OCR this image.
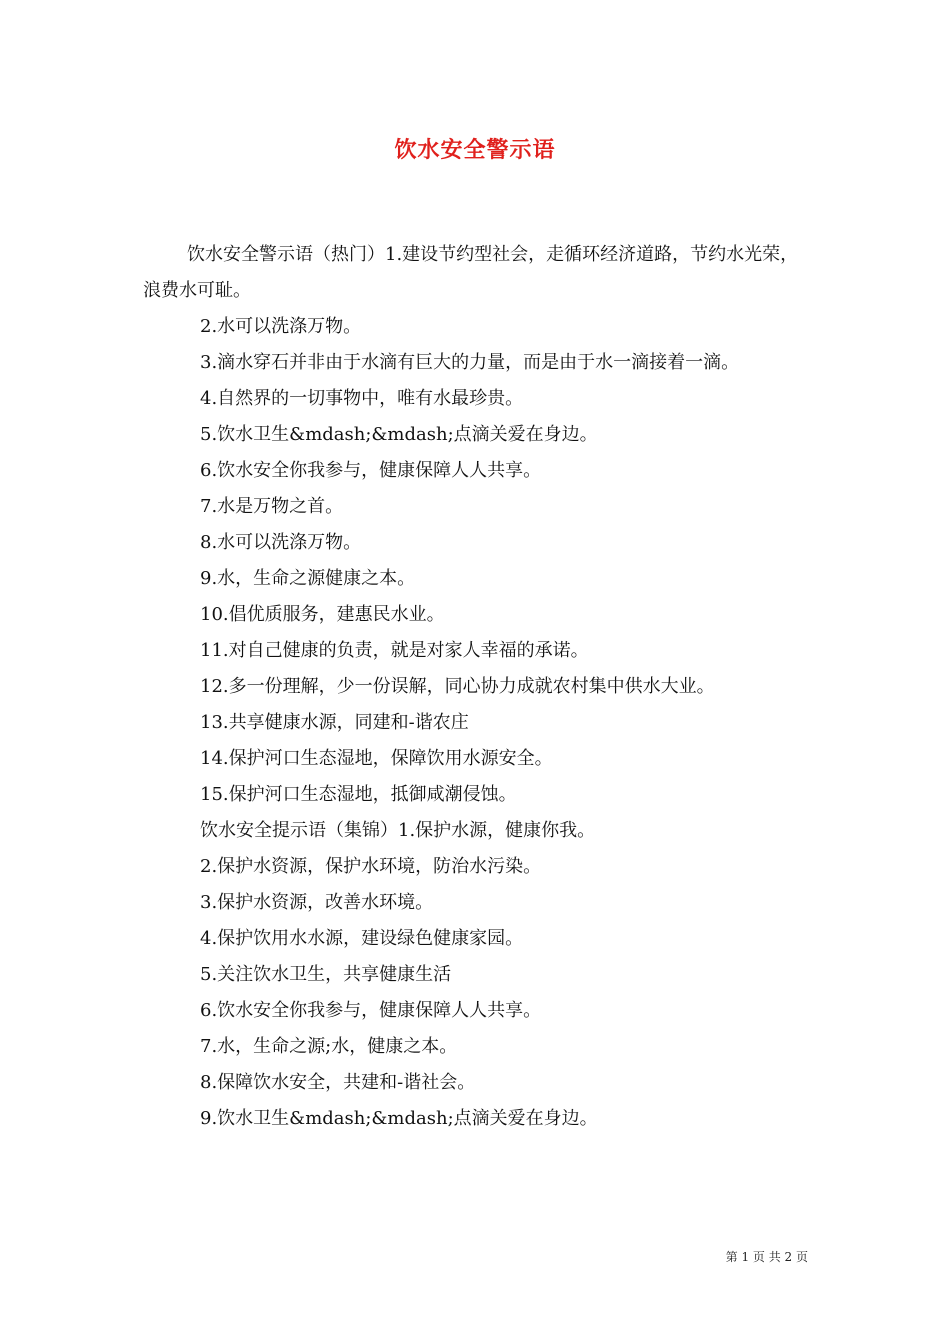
饮水安全警示语

饮水安全警示语（热门）1.建设节约型社会，走循环经济道路，节约水光荣，浪费水可耻。

2.水可以洗涤万物。

3.滴水穿石并非由于水滴有巨大的力量，而是由于水一滴接着一滴。

4.自然界的一切事物中，唯有水最珍贵。

5.饮水卫生&mdash;&mdash;点滴关爱在身边。

6.饮水安全你我参与，健康保障人人共享。

7.水是万物之首。

8.水可以洗涤万物。

9.水，生命之源健康之本。

10.倡优质服务，建惠民水业。

11.对自己健康的负责，就是对家人幸福的承诺。

12.多一份理解，少一份误解，同心协力成就农村集中供水大业。

13.共享健康水源，同建和-谐农庄

14.保护河口生态湿地，保障饮用水源安全。

15.保护河口生态湿地，抵御咸潮侵蚀。

饮水安全提示语（集锦）1.保护水源，健康你我。

2.保护水资源，保护水环境，防治水污染。

3.保护水资源，改善水环境。

4.保护饮用水水源，建设绿色健康家园。

5.关注饮水卫生，共享健康生活

6.饮水安全你我参与，健康保障人人共享。

7.水，生命之源;水，健康之本。

8.保障饮水安全，共建和-谐社会。

9.饮水卫生&mdash;&mdash;点滴关爱在身边。

第 1 页 共 2 页
